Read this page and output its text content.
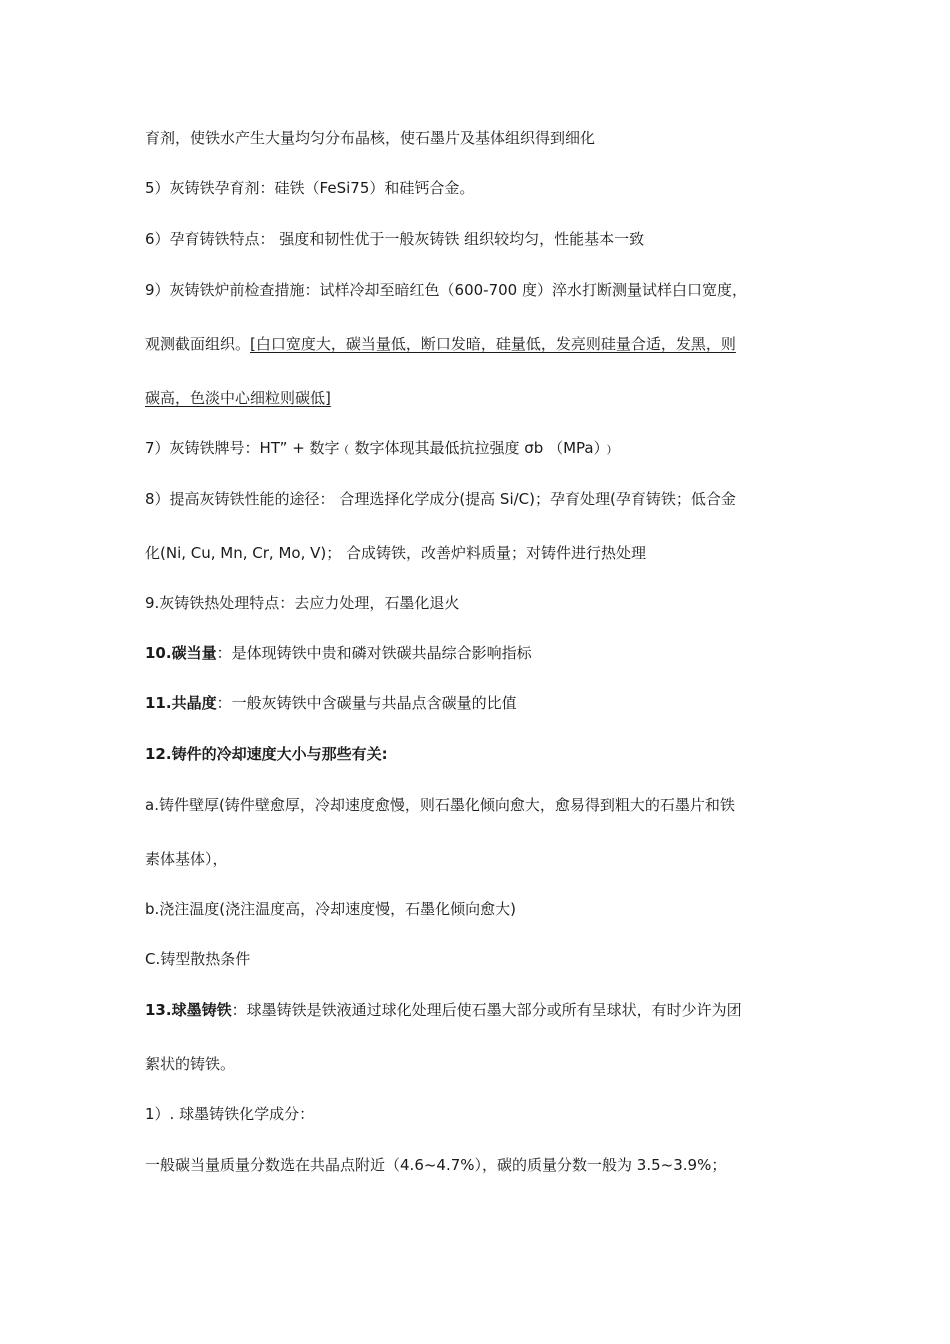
育剂，使铁水产生大量均匀分布晶核，使石墨片及基体组织得到细化
5）灰铸铁孕育剂：硅铁（FeSi75）和硅钙合金。
6）孕育铸铁特点： 强度和韧性优于一般灰铸铁 组织较均匀，性能基本一致
9）灰铸铁炉前检查措施：试样冷却至暗红色（600-700 度）淬水打断测量试样白口宽度，
观测截面组织。[白口宽度大，碳当量低，断口发暗，硅量低，发亮则硅量合适，发黑，则
碳高，色淡中心细粒则碳低]
7）灰铸铁牌号：HT” + 数字﹙数字体现其最低抗拉强度 σb （MPa）﹚
8）提高灰铸铁性能的途径： 合理选择化学成分(提高 Si/C)；孕育处理(孕育铸铁；低合金
化(Ni, Cu, Mn, Cr, Mo, V)； 合成铸铁，改善炉料质量；对铸件进行热处理
9.灰铸铁热处理特点：去应力处理，石墨化退火
10.碳当量：是体现铸铁中贵和磷对铁碳共晶综合影响指标
11.共晶度：一般灰铸铁中含碳量与共晶点含碳量的比值
12.铸件的冷却速度大小与那些有关:
a.铸件壁厚(铸件壁愈厚，冷却速度愈慢，则石墨化倾向愈大，愈易得到粗大的石墨片和铁
素体基体），
b.浇注温度(浇注温度高，冷却速度慢，石墨化倾向愈大)
C.铸型散热条件
13.球墨铸铁：球墨铸铁是铁液通过球化处理后使石墨大部分或所有呈球状，有时少许为团
絮状的铸铁。
1）. 球墨铸铁化学成分：
一般碳当量质量分数选在共晶点附近（4.6~4.7%），碳的质量分数一般为 3.5~3.9%；
